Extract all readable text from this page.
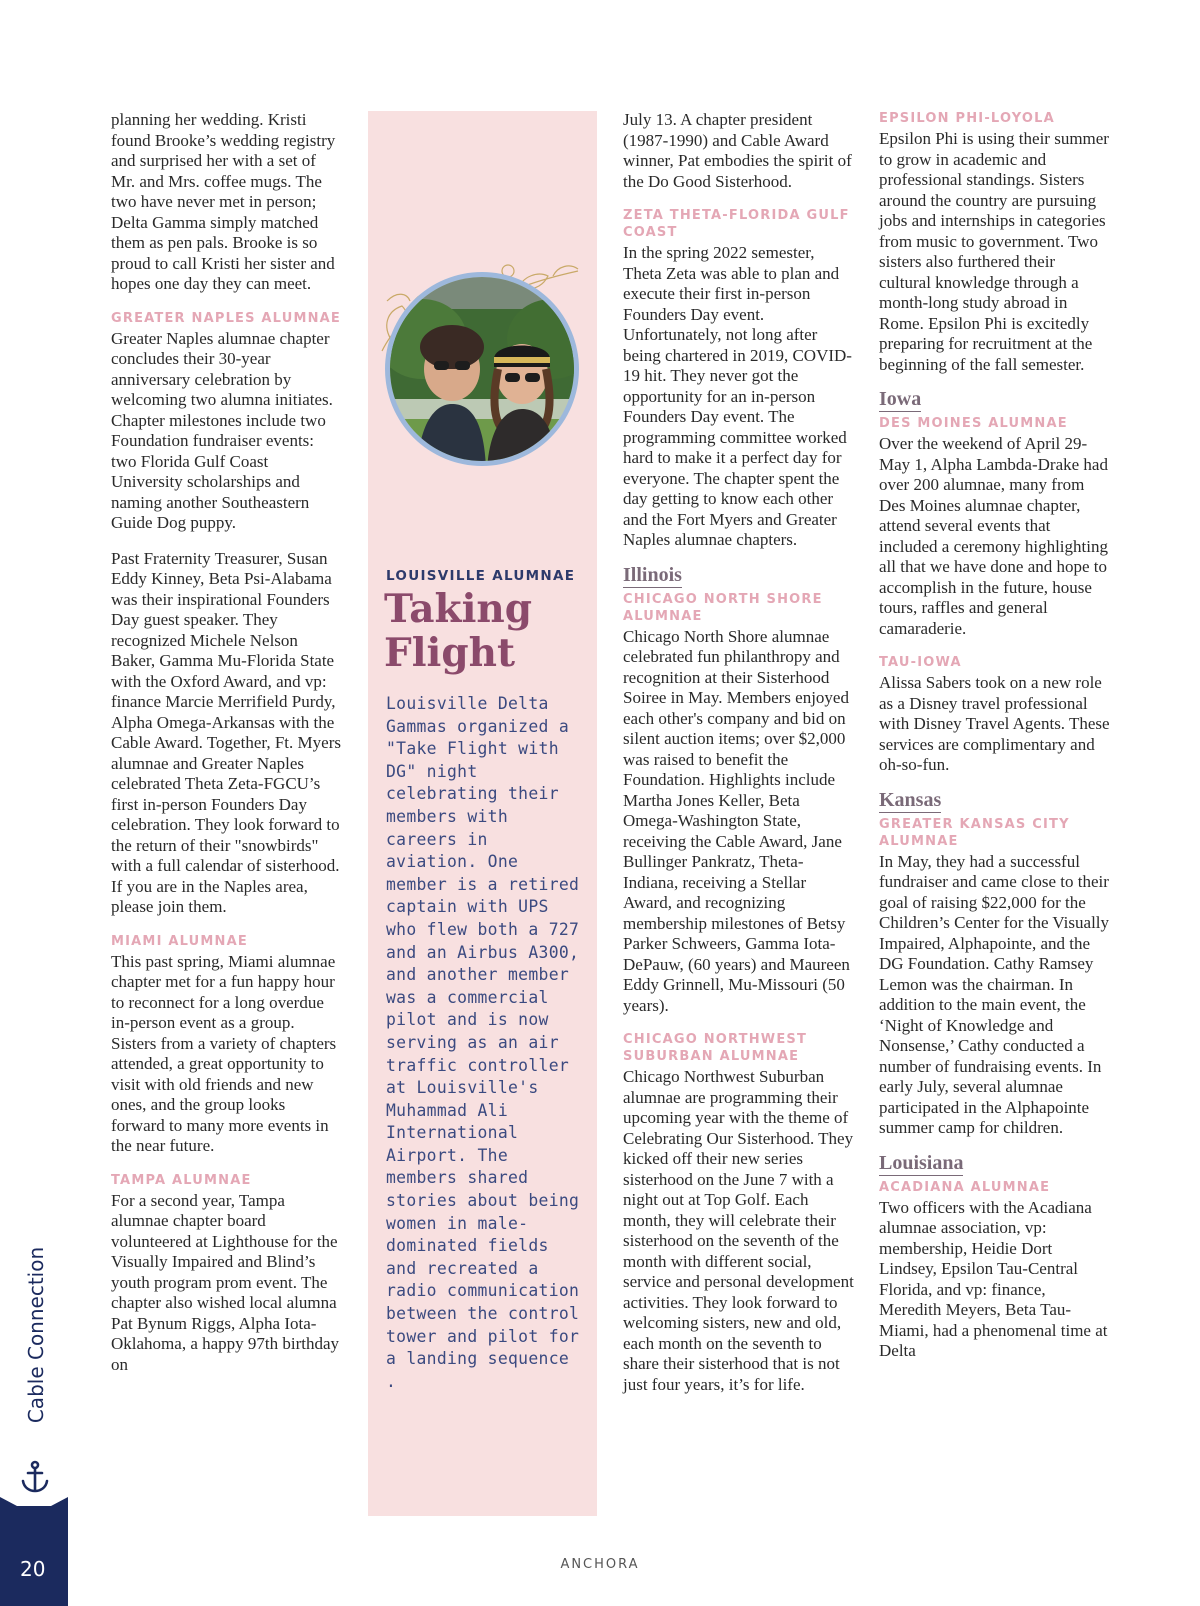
planning her wedding. Kristi found Brooke’s wedding registry and surprised her with a set of Mr. and Mrs. coffee mugs. The two have never met in person; Delta Gamma simply matched them as pen pals. Brooke is so proud to call Kristi her sister and hopes one day they can meet.

GREATER NAPLES ALUMNAE

Greater Naples alumnae chapter concludes their 30-year anniversary celebration by welcoming two alumna initiates. Chapter milestones include two Foundation fundraiser events: two Florida Gulf Coast University scholarships and naming another Southeastern Guide Dog puppy.

Past Fraternity Treasurer, Susan Eddy Kinney, Beta Psi-Alabama was their inspirational Founders Day guest speaker. They recognized Michele Nelson Baker, Gamma Mu-Florida State with the Oxford Award, and vp: finance Marcie Merrifield Purdy, Alpha Omega-Arkansas with the Cable Award. Together, Ft. Myers alumnae and Greater Naples celebrated Theta Zeta-FGCU’s first in-person Founders Day celebration. They look forward to the return of their "snowbirds" with a full calendar of sisterhood. If you are in the Naples area, please join them.

MIAMI ALUMNAE

This past spring, Miami alumnae chapter met for a fun happy hour to reconnect for a long overdue in-person event as a group. Sisters from a variety of chapters attended, a great opportunity to visit with old friends and new ones, and the group looks forward to many more events in the near future.

TAMPA ALUMNAE

For a second year, Tampa alumnae chapter board volunteered at Lighthouse for the Visually Impaired and Blind’s youth program prom event. The chapter also wished local alumna Pat Bynum Riggs, Alpha Iota-Oklahoma, a happy 97th birthday on

LOUISVILLE ALUMNAE
Taking Flight
Louisville Delta Gammas organized a "Take Flight with DG" night celebrating their members with careers in aviation. One member is a retired captain with UPS who flew both a 727 and an Airbus A300, and another member was a commercial pilot and is now serving as an air traffic controller at Louisville's Muhammad Ali International Airport. The members shared stories about being women in male-dominated fields and recreated a radio communication between the control tower and pilot for a landing sequence .

July 13. A chapter president (1987-1990) and Cable Award winner, Pat embodies the spirit of the Do Good Sisterhood.

ZETA THETA-FLORIDA GULF COAST

In the spring 2022 semester, Theta Zeta was able to plan and execute their first in-person Founders Day event. Unfortunately, not long after being chartered in 2019, COVID-19 hit. They never got the opportunity for an in-person Founders Day event. The programming committee worked hard to make it a perfect day for everyone. The chapter spent the day getting to know each other and the Fort Myers and Greater Naples alumnae chapters.

Illinois
CHICAGO NORTH SHORE ALUMNAE

Chicago North Shore alumnae celebrated fun philanthropy and recognition at their Sisterhood Soiree in May. Members enjoyed each other's company and bid on silent auction items; over $2,000 was raised to benefit the Foundation. Highlights include Martha Jones Keller, Beta Omega-Washington State, receiving the Cable Award, Jane Bullinger Pankratz, Theta-Indiana, receiving a Stellar Award, and recognizing membership milestones of Betsy Parker Schweers, Gamma Iota-DePauw, (60 years) and Maureen Eddy Grinnell, Mu-Missouri (50 years).

CHICAGO NORTHWEST SUBURBAN ALUMNAE

Chicago Northwest Suburban alumnae are programming their upcoming year with the theme of Celebrating Our Sisterhood. They kicked off their new series sisterhood on the June 7 with a night out at Top Golf. Each month, they will celebrate their sisterhood on the seventh of the month with different social, service and personal development activities. They look forward to welcoming sisters, new and old, each month on the seventh to share their sisterhood that is not just four years, it’s for life.

EPSILON PHI-LOYOLA

Epsilon Phi is using their summer to grow in academic and professional standings. Sisters around the country are pursuing jobs and internships in categories from music to government. Two sisters also furthered their cultural knowledge through a month-long study abroad in Rome. Epsilon Phi is excitedly preparing for recruitment at the beginning of the fall semester.

Iowa
DES MOINES ALUMNAE

Over the weekend of April 29-May 1, Alpha Lambda-Drake had over 200 alumnae, many from Des Moines alumnae chapter, attend several events that included a ceremony highlighting all that we have done and hope to accomplish in the future, house tours, raffles and general camaraderie.

TAU-IOWA

Alissa Sabers took on a new role as a Disney travel professional with Disney Travel Agents. These services are complimentary and oh-so-fun.

Kansas
GREATER KANSAS CITY ALUMNAE

In May, they had a successful fundraiser and came close to their goal of raising $22,000 for the Children’s Center for the Visually Impaired, Alphapointe, and the DG Foundation. Cathy Ramsey Lemon was the chairman. In addition to the main event, the ‘Night of Knowledge and Nonsense,’ Cathy conducted a number of fundraising events. In early July, several alumnae participated in the Alphapointe summer camp for children.

Louisiana
ACADIANA ALUMNAE

Two officers with the Acadiana alumnae association, vp: membership, Heidie Dort Lindsey, Epsilon Tau-Central Florida, and vp: finance, Meredith Meyers, Beta Tau-Miami, had a phenomenal time at Delta

Cable Connection
20	ANCHORA
